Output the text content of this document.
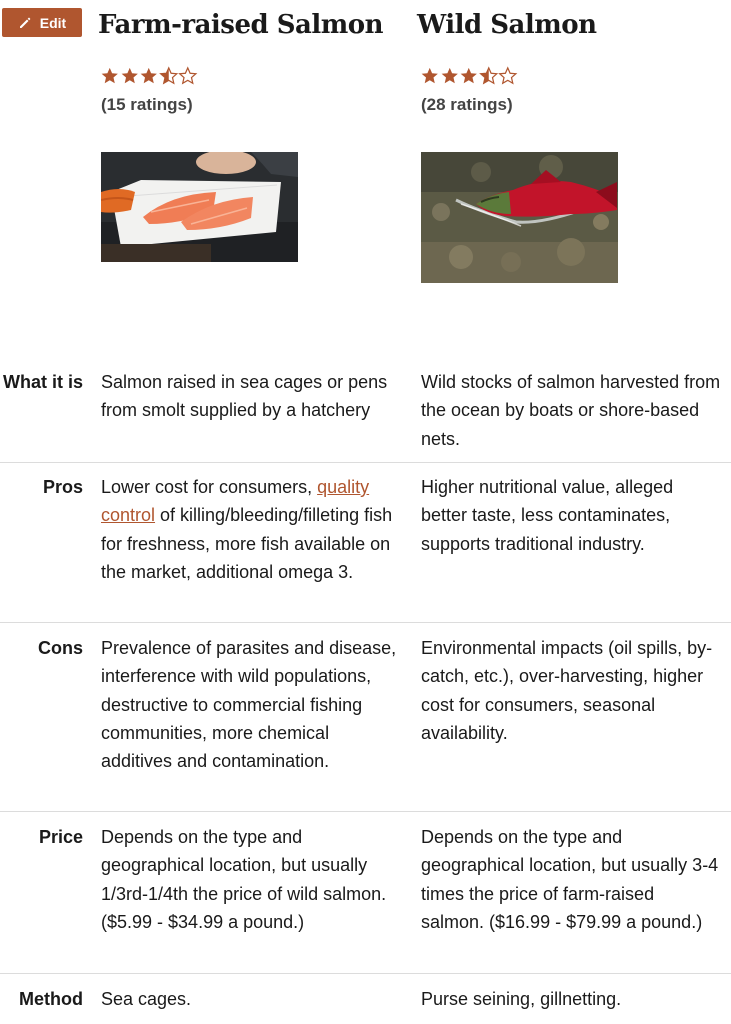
Edit Farm-raised Salmon Wild Salmon
(15 ratings)	(28 ratings)
What it is Salmon raised in sea cages or pens from smolt supplied by a hatchery
Wild stocks of salmon harvested from the ocean by boats or shore-based nets.
Pros Lower cost for consumers, quality control of killing/bleeding/filleting fish for freshness, more fish available on the market, additional omega 3.
Higher nutritional value, alleged better taste, less contaminates, supports traditional industry.
Cons Prevalence of parasites and disease, interference with wild populations, destructive to commercial fishing communities, more chemical additives and contamination.
Environmental impacts (oil spills, by-catch, etc.), over-harvesting, higher cost for consumers, seasonal availability.
Price Depends on the type and geographical location, but usually 1/3rd-1/4th the price of wild salmon. ($5.99 - $34.99 a pound.)
Depends on the type and geographical location, but usually 3-4 times the price of farm-raised salmon. ($16.99 - $79.99 a pound.)
Method Sea cages.	Purse seining, gillnetting.
